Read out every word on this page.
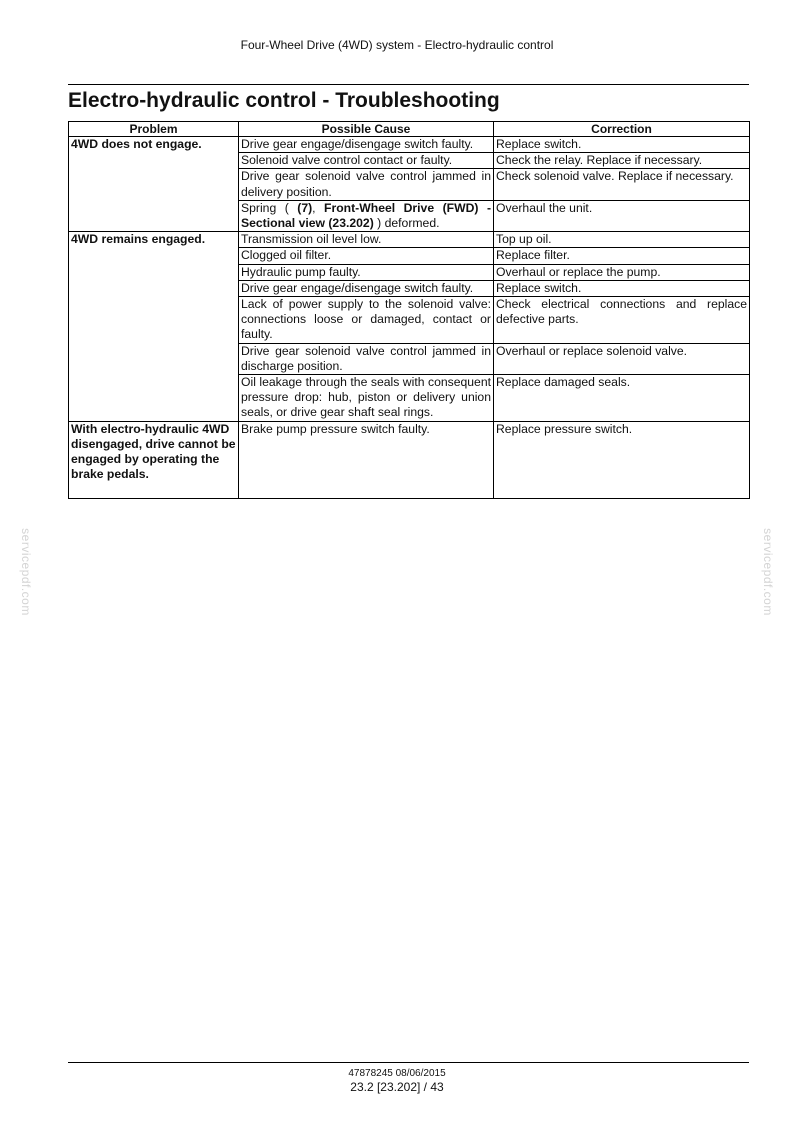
Four-Wheel Drive (4WD) system - Electro-hydraulic control
Electro-hydraulic control - Troubleshooting
Problem	Possible Cause	Correction
4WD does not engage.	Drive gear engage/disengage switch faulty.	Replace switch.
	Solenoid valve control contact or faulty.	Check the relay. Replace if necessary.
	Drive gear solenoid valve control jammed in delivery position.	Check solenoid valve. Replace if necessary.
	Spring ( (7), Front-Wheel Drive (FWD) - Sectional view (23.202) ) deformed.	Overhaul the unit.
4WD remains engaged.	Transmission oil level low.	Top up oil.
	Clogged oil filter.	Replace filter.
	Hydraulic pump faulty.	Overhaul or replace the pump.
	Drive gear engage/disengage switch faulty.	Replace switch.
	Lack of power supply to the solenoid valve: connections loose or damaged, contact or faulty.	Check electrical connections and replace defective parts.
	Drive gear solenoid valve control jammed in discharge position.	Overhaul or replace solenoid valve.
	Oil leakage through the seals with consequent pressure drop: hub, piston or delivery union seals, or drive gear shaft seal rings.	Replace damaged seals.
With electro-hydraulic 4WD disengaged, drive cannot be engaged by operating the brake pedals.	Brake pump pressure switch faulty.	Replace pressure switch.
servicepdf.com	servicepdf.com
47878245 08/06/2015
23.2 [23.202] / 43
